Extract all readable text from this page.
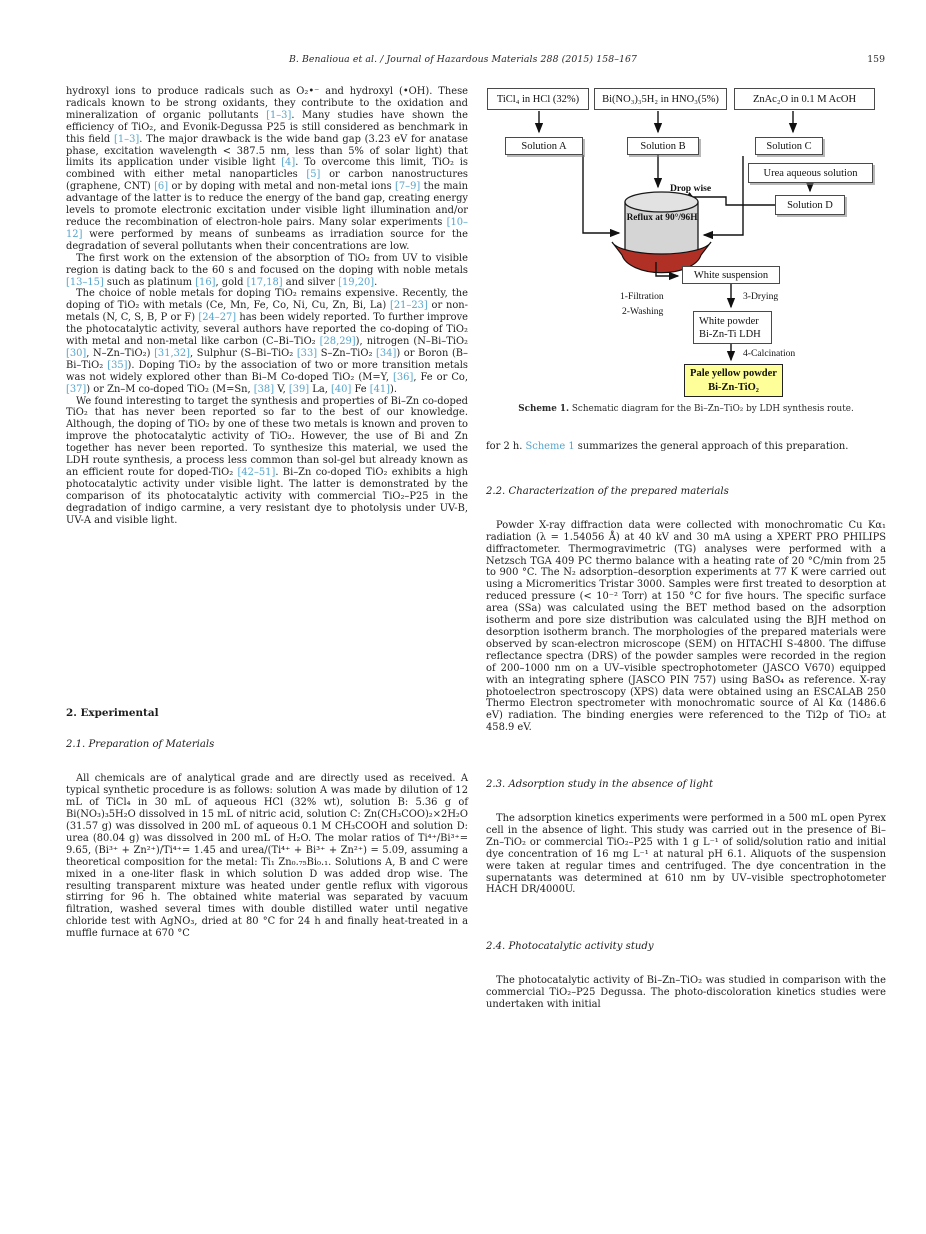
B. Benalioua et al. / Journal of Hazardous Materials 288 (2015) 158–167	159

hydroxyl ions to produce radicals such as O₂•⁻ and hydroxyl (•OH). These radicals known to be strong oxidants, they contribute to the oxidation and mineralization of organic pollutants [1–3]. Many studies have shown the efficiency of TiO₂, and Evonik-Degussa P25 is still considered as benchmark in this field [1–3]. The major drawback is the wide band gap (3.23 eV for anatase phase, excitation wavelength < 387.5 nm, less than 5% of solar light) that limits its application under visible light [4]. To overcome this limit, TiO₂ is combined with either metal nanoparticles [5] or carbon nanostructures (graphene, CNT) [6] or by doping with metal and non-metal ions [7–9] the main advantage of the latter is to reduce the energy of the band gap, creating energy levels to promote electronic excitation under visible light illumination and/or reduce the recombination of electron-hole pairs. Many solar experiments [10–12] were performed by means of sunbeams as irradiation source for the degradation of several pollutants when their concentrations are low.

The first work on the extension of the absorption of TiO₂ from UV to visible region is dating back to the 60 s and focused on the doping with noble metals [13–15] such as platinum [16], gold [17,18] and silver [19,20].

The choice of noble metals for doping TiO₂ remains expensive. Recently, the doping of TiO₂ with metals (Ce, Mn, Fe, Co, Ni, Cu, Zn, Bi, La) [21–23] or non-metals (N, C, S, B, P or F) [24–27] has been widely reported. To further improve the photocatalytic activity, several authors have reported the co-doping of TiO₂ with metal and non-metal like carbon (C–Bi–TiO₂ [28,29]), nitrogen (N–Bi–TiO₂ [30], N–Zn–TiO₂) [31,32], Sulphur (S–Bi–TiO₂ [33] S–Zn–TiO₂ [34]) or Boron (B–Bi–TiO₂ [35]). Doping TiO₂ by the association of two or more transition metals was not widely explored other than Bi–M Co-doped TiO₂ (M=Y, [36], Fe or Co, [37]) or Zn–M co-doped TiO₂ (M=Sn, [38] V, [39] La, [40] Fe [41]).

We found interesting to target the synthesis and properties of Bi–Zn co-doped TiO₂ that has never been reported so far to the best of our knowledge. Although, the doping of TiO₂ by one of these two metals is known and proven to improve the photocatalytic activity of TiO₂. However, the use of Bi and Zn together has never been reported. To synthesize this material, we used the LDH route synthesis, a process less common than sol-gel but already known as an efficient route for doped-TiO₂ [42–51]. Bi–Zn co-doped TiO₂ exhibits a high photocatalytic activity under visible light. The latter is demonstrated by the comparison of its photocatalytic activity with commercial TiO₂–P25 in the degradation of indigo carmine, a very resistant dye to photolysis under UV-B, UV-A and visible light.

2. Experimental
2.1. Preparation of Materials

All chemicals are of analytical grade and are directly used as received. A typical synthetic procedure is as follows: solution A was made by dilution of 12 mL of TiCl₄ in 30 mL of aqueous HCl (32% wt), solution B: 5.36 g of Bi(NO₃)₃5H₂O dissolved in 15 mL of nitric acid, solution C: Zn(CH₃COO)₂×2H₂O (31.57 g) was dissolved in 200 mL of aqueous 0.1 M CH₃COOH and solution D: urea (80.04 g) was dissolved in 200 mL of H₂O. The molar ratios of Ti⁴⁺/Bi³⁺= 9.65, (Bi³⁺ + Zn²⁺)/Ti⁴⁺= 1.45 and urea/(Ti⁴⁺ + Bi³⁺ + Zn²⁺) = 5.09, assuming a theoretical composition for the metal: Ti₁ Zn₀.₇₅Bi₀.₁. Solutions A, B and C were mixed in a one-liter flask in which solution D was added drop wise. The resulting transparent mixture was heated under gentle reflux with vigorous stirring for 96 h. The obtained white material was separated by vacuum filtration, washed several times with double distilled water until negative chloride test with AgNO₃, dried at 80 °C for 24 h and finally heat-treated in a muffle furnace at 670 °C

TiCl₄ in HCl (32%) Bi(NO₃)₃5H₂ in HNO₃(5%)	ZnAc₂O in 0.1 M AcOH
Solution A	Solution B	Solution C
Urea aqueous solution
Solution D
Drop wise
Reflux at 90°/96H
White suspension
1-Filtration
2-Washing
3-Drying
White powder
Bi-Zn-Ti LDH
4-Calcination
Pale yellow powder
Bi-Zn-TiO₂

Scheme 1. Schematic diagram for the Bi–Zn–TiO₂ by LDH synthesis route.

for 2 h. Scheme 1 summarizes the general approach of this preparation.

2.2. Characterization of the prepared materials

Powder X-ray diffraction data were collected with monochromatic Cu Kα₁ radiation (λ = 1.54056 Å) at 40 kV and 30 mA using a XPERT PRO PHILIPS diffractometer. Thermogravimetric (TG) analyses were performed with a Netzsch TGA 409 PC thermo balance with a heating rate of 20 °C/min from 25 to 900 °C. The N₂ adsorption–desorption experiments at 77 K were carried out using a Micromeritics Tristar 3000. Samples were first treated to desorption at reduced pressure (< 10⁻² Torr) at 150 °C for five hours. The specific surface area (SSa) was calculated using the BET method based on the adsorption isotherm and pore size distribution was calculated using the BJH method on desorption isotherm branch. The morphologies of the prepared materials were observed by scan-electron microscope (SEM) on HITACHI S-4800. The diffuse reflectance spectra (DRS) of the powder samples were recorded in the region of 200–1000 nm on a UV–visible spectrophotometer (JASCO V670) equipped with an integrating sphere (JASCO PIN 757) using BaSO₄ as reference. X-ray photoelectron spectroscopy (XPS) data were obtained using an ESCALAB 250 Thermo Electron spectrometer with monochromatic source of Al Kα (1486.6 eV) radiation. The binding energies were referenced to the Ti2p of TiO₂ at 458.9 eV.

2.3. Adsorption study in the absence of light

The adsorption kinetics experiments were performed in a 500 mL open Pyrex cell in the absence of light. This study was carried out in the presence of Bi–Zn–TiO₂ or commercial TiO₂–P25 with 1 g L⁻¹ of solid/solution ratio and initial dye concentration of 16 mg L⁻¹ at natural pH 6.1. Aliquots of the suspension were taken at regular times and centrifuged. The dye concentration in the supernatants was determined at 610 nm by UV–visible spectrophotometer HACH DR/4000U.

2.4. Photocatalytic activity study

The photocatalytic activity of Bi–Zn–TiO₂ was studied in comparison with the commercial TiO₂–P25 Degussa. The photo-discoloration kinetics studies were undertaken with initial
